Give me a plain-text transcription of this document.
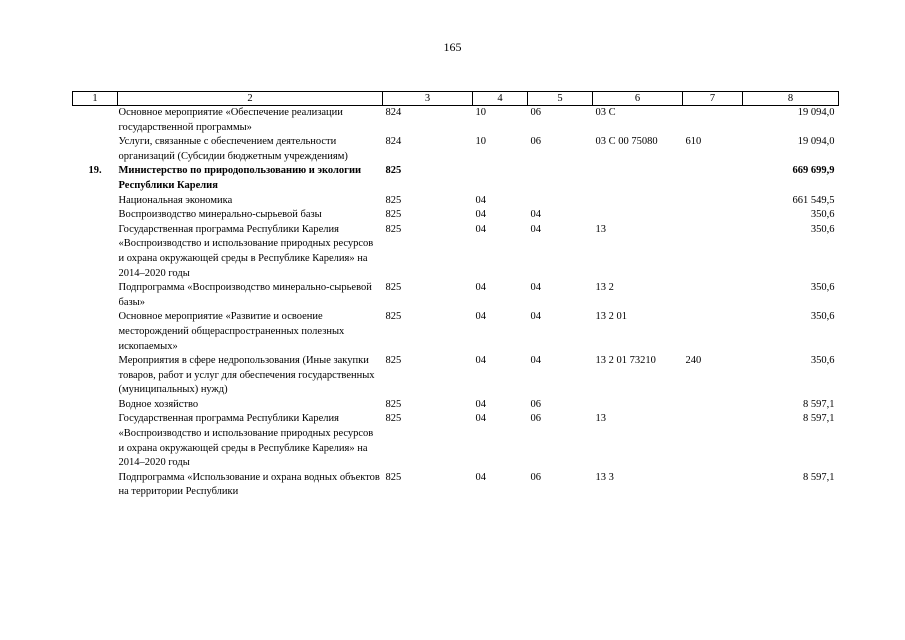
165
1	2	3	4	5	6	7	8
	Основное мероприятие «Обеспечение реализации государственной программы»	824	10	06	03 С		19 094,0
	Услуги, связанные с обеспечением деятельности организаций (Субсидии бюджетным учреждениям)	824	10	06	03 С 00 75080	610	19 094,0
19.	Министерство по природопользованию и экологии Республики Карелия	825					669 699,9
	Национальная экономика	825	04				661 549,5
	Воспроизводство минерально-сырьевой базы	825	04	04			350,6
	Государственная программа Республики Карелия «Воспроизводство и использование природных ресурсов и охрана окружающей среды в Республике Карелия» на 2014–2020 годы	825	04	04	13		350,6
	Подпрограмма «Воспроизводство минерально-сырьевой базы»	825	04	04	13 2		350,6
	Основное мероприятие «Развитие и освоение месторождений общераспространенных полезных ископаемых»	825	04	04	13 2 01		350,6
	Мероприятия в сфере недропользования (Иные закупки товаров, работ и услуг для обеспечения государственных (муниципальных) нужд)	825	04	04	13 2 01 73210	240	350,6
	Водное хозяйство	825	04	06			8 597,1
	Государственная программа Республики Карелия «Воспроизводство и использование природных ресурсов и охрана окружающей среды в Республике Карелия» на 2014–2020 годы	825	04	06	13		8 597,1
	Подпрограмма «Использование и охрана водных объектов на территории Республики	825	04	06	13 3		8 597,1
